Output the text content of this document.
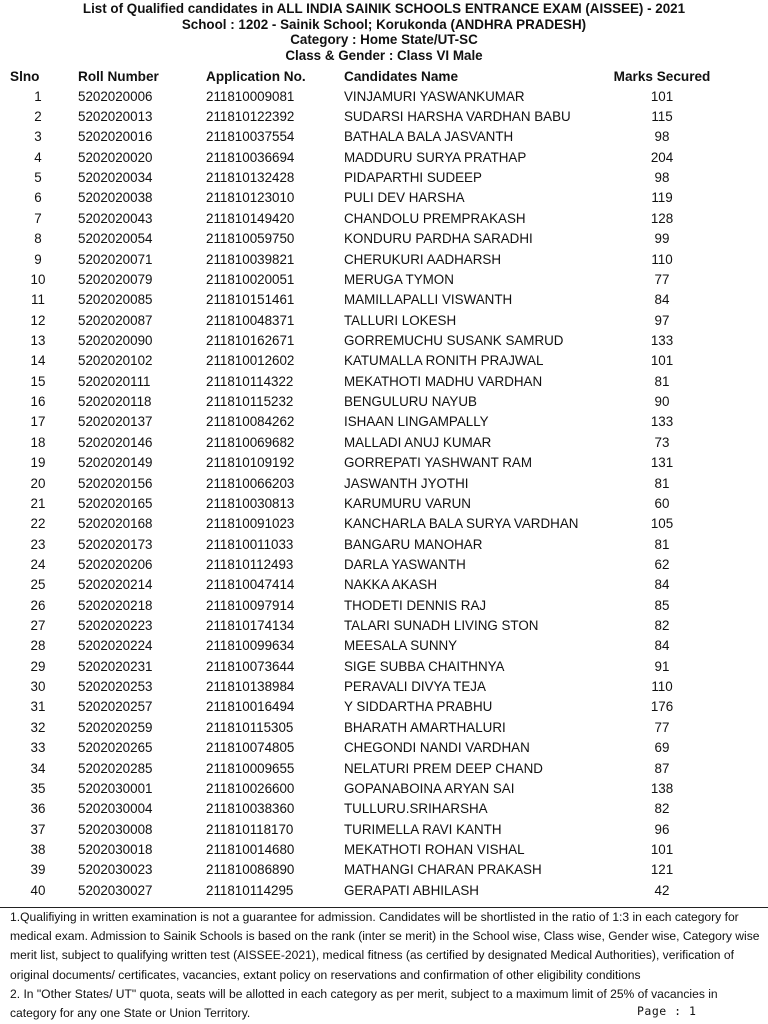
List of Qualified candidates in ALL INDIA SAINIK SCHOOLS ENTRANCE EXAM (AISSEE) - 2021
School : 1202 - Sainik School; Korukonda (ANDHRA PRADESH)
Category : Home State/UT-SC
Class & Gender : Class VI Male
Slno	Roll Number	Application No.	Candidates Name	Marks Secured
1	5202020006	211810009081	VINJAMURI YASWANKUMAR	101
2	5202020013	211810122392	SUDARSI HARSHA VARDHAN BABU	115
3	5202020016	211810037554	BATHALA BALA JASVANTH	98
4	5202020020	211810036694	MADDURU SURYA PRATHAP	204
5	5202020034	211810132428	PIDAPARTHI SUDEEP	98
6	5202020038	211810123010	PULI DEV HARSHA	119
7	5202020043	211810149420	CHANDOLU PREMPRAKASH	128
8	5202020054	211810059750	KONDURU PARDHA SARADHI	99
9	5202020071	211810039821	CHERUKURI AADHARSH	110
10	5202020079	211810020051	MERUGA TYMON	77
11	5202020085	211810151461	MAMILLAPALLI VISWANTH	84
12	5202020087	211810048371	TALLURI LOKESH	97
13	5202020090	211810162671	GORREMUCHU SUSANK SAMRUD	133
14	5202020102	211810012602	KATUMALLA RONITH PRAJWAL	101
15	5202020111	211810114322	MEKATHOTI MADHU VARDHAN	81
16	5202020118	211810115232	BENGULURU NAYUB	90
17	5202020137	211810084262	ISHAAN LINGAMPALLY	133
18	5202020146	211810069682	MALLADI ANUJ KUMAR	73
19	5202020149	211810109192	GORREPATI YASHWANT RAM	131
20	5202020156	211810066203	JASWANTH JYOTHI	81
21	5202020165	211810030813	KARUMURU VARUN	60
22	5202020168	211810091023	KANCHARLA BALA SURYA VARDHAN	105
23	5202020173	211810011033	BANGARU MANOHAR	81
24	5202020206	211810112493	DARLA YASWANTH	62
25	5202020214	211810047414	NAKKA AKASH	84
26	5202020218	211810097914	THODETI DENNIS RAJ	85
27	5202020223	211810174134	TALARI SUNADH LIVING STON	82
28	5202020224	211810099634	MEESALA SUNNY	84
29	5202020231	211810073644	SIGE SUBBA CHAITHNYA	91
30	5202020253	211810138984	PERAVALI DIVYA TEJA	110
31	5202020257	211810016494	Y SIDDARTHA PRABHU	176
32	5202020259	211810115305	BHARATH AMARTHALURI	77
33	5202020265	211810074805	CHEGONDI NANDI VARDHAN	69
34	5202020285	211810009655	NELATURI PREM DEEP CHAND	87
35	5202030001	211810026600	GOPANABOINA ARYAN SAI	138
36	5202030004	211810038360	TULLURU.SRIHARSHA	82
37	5202030008	211810118170	TURIMELLA RAVI KANTH	96
38	5202030018	211810014680	MEKATHOTI ROHAN VISHAL	101
39	5202030023	211810086890	MATHANGI CHARAN PRAKASH	121
40	5202030027	211810114295	GERAPATI ABHILASH	42

1.Qualifiying in written examination is not a guarantee for admission. Candidates will be shortlisted in the ratio of 1:3 in each category for medical exam. Admission to Sainik Schools is based on the rank (inter se merit) in the School wise, Class wise, Gender wise, Category wise merit list, subject to qualifying written test (AISSEE-2021), medical fitness (as certified by designated Medical Authorities), verification of original documents/ certificates, vacancies, extant policy on reservations and confirmation of other eligibility conditions

2. In "Other States/ UT" quota, seats will be allotted in each category as per merit, subject to a maximum limit of 25% of vacancies in category for any one State or Union Territory.	Page : 1
